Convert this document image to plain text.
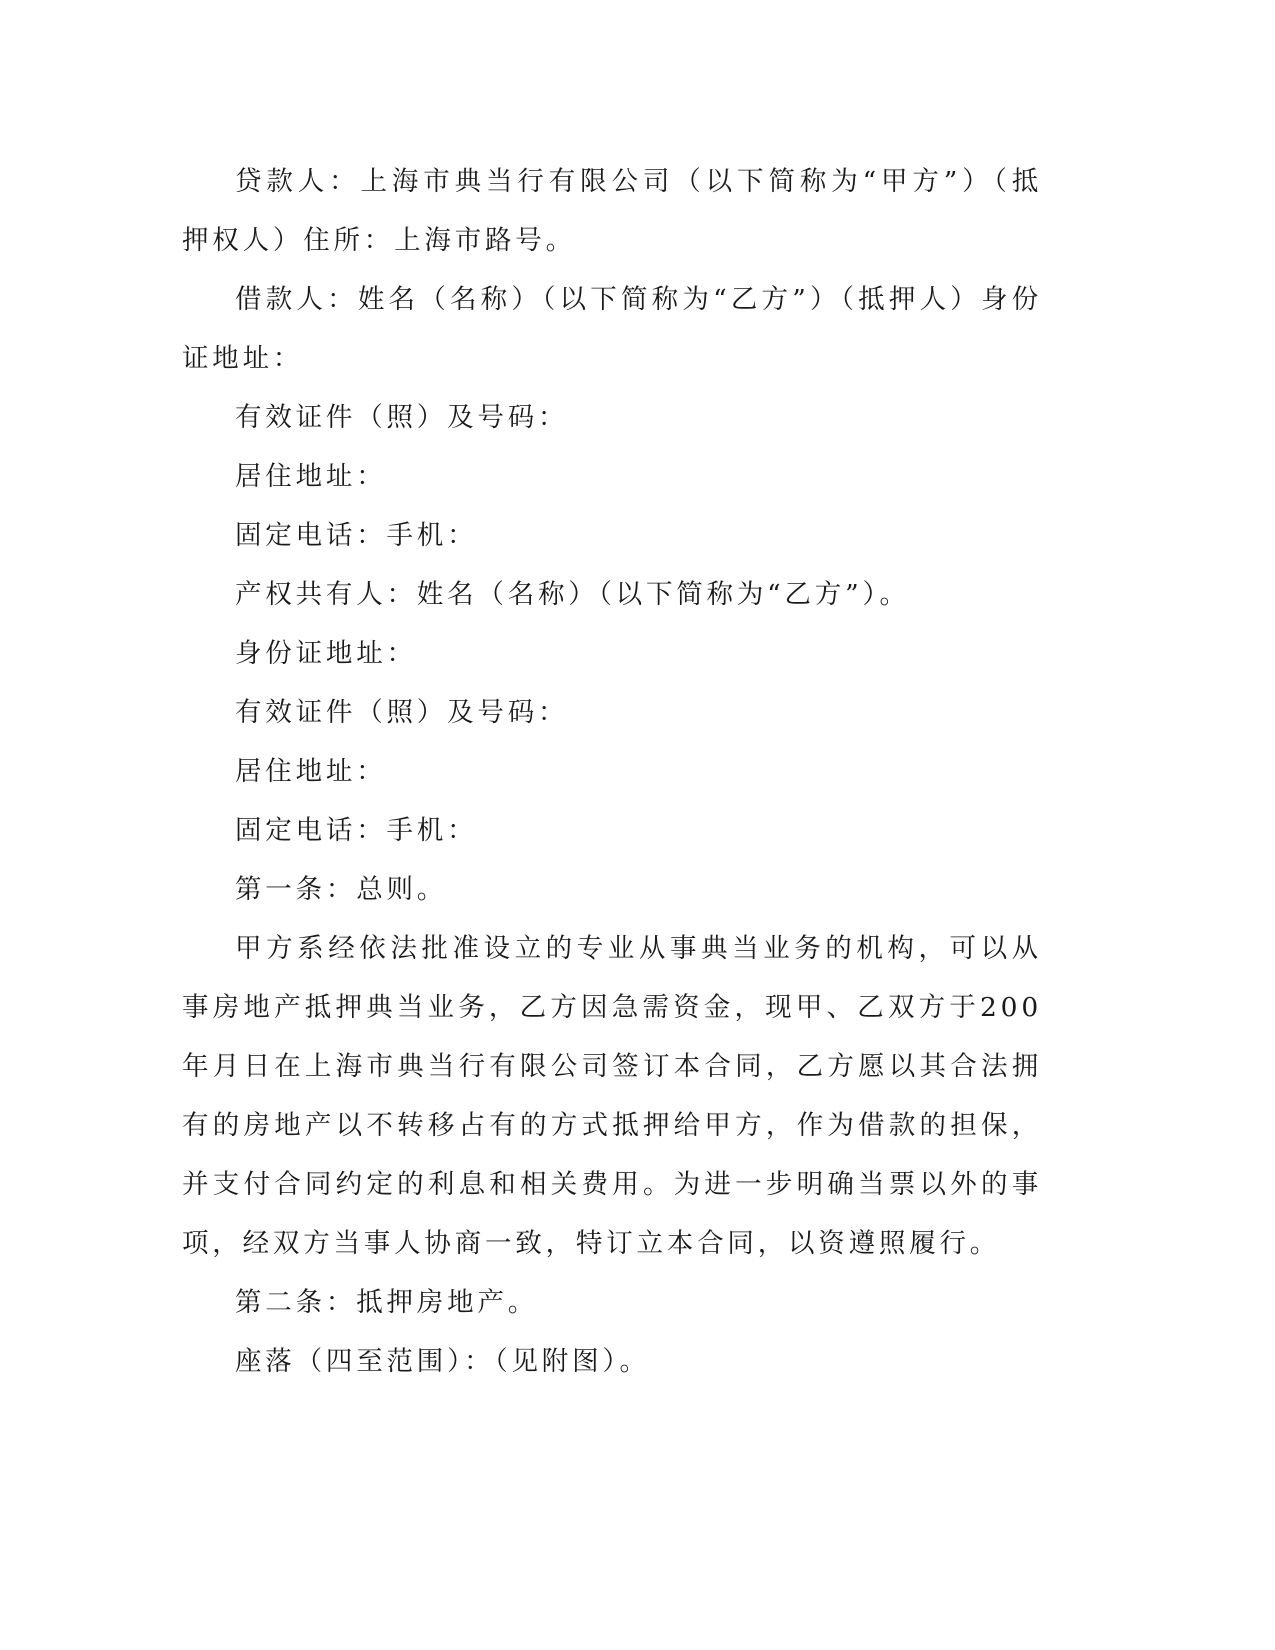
贷款人：上海市典当行有限公司（以下简称为“甲方”）（抵押权人）住所：上海市路号。

借款人：姓名（名称）（以下简称为“乙方”）（抵押人）身份证地址：

有效证件（照）及号码：

居住地址：

固定电话：手机：

产权共有人：姓名（名称）（以下简称为“乙方”）。

身份证地址：

有效证件（照）及号码：

居住地址：

固定电话：手机：

第一条：总则。

甲方系经依法批准设立的专业从事典当业务的机构，可以从事房地产抵押典当业务，乙方因急需资金，现甲、乙双方于200年月日在上海市典当行有限公司签订本合同，乙方愿以其合法拥有的房地产以不转移占有的方式抵押给甲方，作为借款的担保，并支付合同约定的利息和相关费用。为进一步明确当票以外的事项，经双方当事人协商一致，特订立本合同，以资遵照履行。

第二条：抵押房地产。

座落（四至范围）：（见附图）。
